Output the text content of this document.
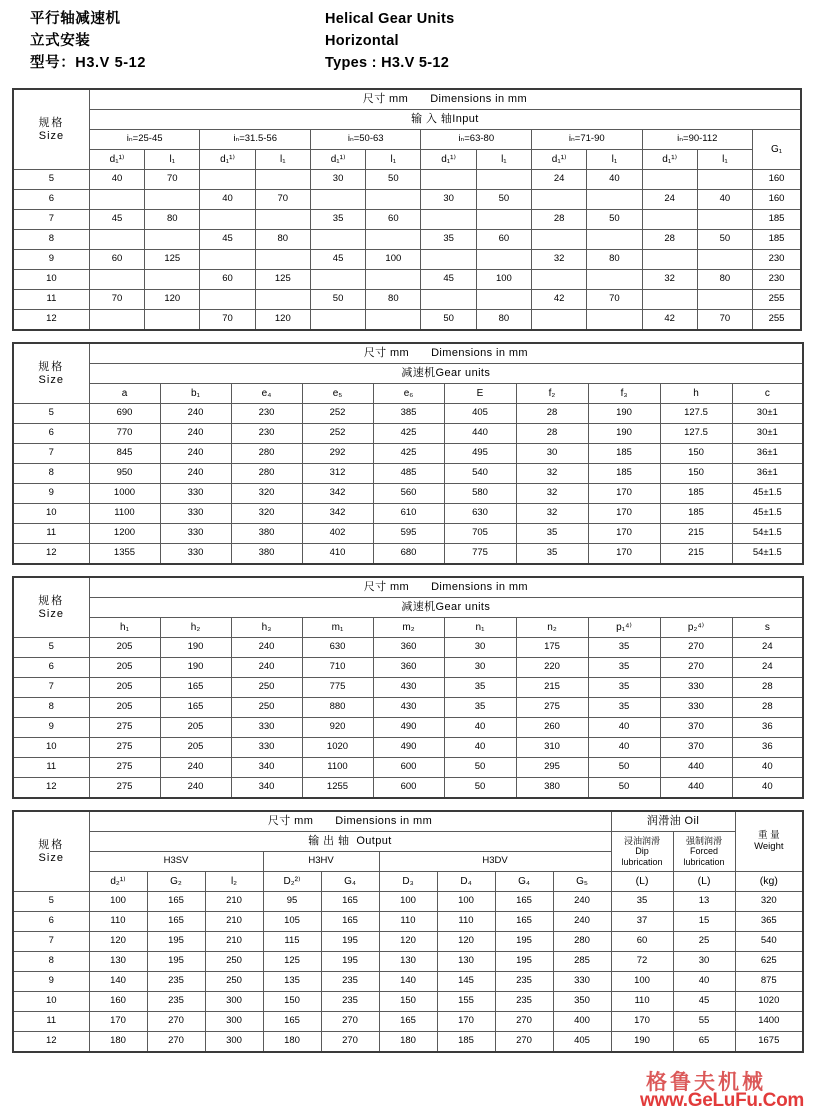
平行轴减速机
立式安装
型号：H3.V 5-12
Helical Gear Units
Horizontal
Types : H3.V 5-12
规格
Size	尺寸 mm Dimensions in mm												
	输 入 轴Input												
	iₙ=25-45		iₙ=31.5-56		iₙ=50-63		iₙ=63-80		iₙ=71-90		iₙ=90-112		G₁
	d₁¹⁾	l₁	d₁¹⁾	l₁	d₁¹⁾	l₁	d₁¹⁾	l₁	d₁¹⁾	l₁	d₁¹⁾	l₁	
5	40	70			30	50			24	40			160
6			40	70			30	50			24	40	160
7	45	80			35	60			28	50			185
8			45	80			35	60			28	50	185
9	60	125			45	100			32	80			230
10			60	125			45	100			32	80	230
11	70	120			50	80			42	70			255
12			70	120			50	80			42	70	255
规格
Size	尺寸 mm Dimensions in mm									
	减速机Gear units									
	a	b₁	e₄	e₅	e₆	E	f₂	f₃	h	c
5	690	240	230	252	385	405	28	190	127.5	30±1
6	770	240	230	252	425	440	28	190	127.5	30±1
7	845	240	280	292	425	495	30	185	150	36±1
8	950	240	280	312	485	540	32	185	150	36±1
9	1000	330	320	342	560	580	32	170	185	45±1.5
10	1100	330	320	342	610	630	32	170	185	45±1.5
11	1200	330	380	402	595	705	35	170	215	54±1.5
12	1355	330	380	410	680	775	35	170	215	54±1.5
规格
Size	尺寸 mm Dimensions in mm									
	减速机Gear units									
	h₁	h₂	h₃	m₁	m₂	n₁	n₂	p₁⁴⁾	p₂⁴⁾	s
5	205	190	240	630	360	30	175	35	270	24
6	205	190	240	710	360	30	220	35	270	24
7	205	165	250	775	430	35	215	35	330	28
8	205	165	250	880	430	35	275	35	330	28
9	275	205	330	920	490	40	260	40	370	36
10	275	205	330	1020	490	40	310	40	370	36
11	275	240	340	1100	600	50	295	50	440	40
12	275	240	340	1255	600	50	380	50	440	40
规格
Size
	尺寸 mm Dimensions in mm	润滑油 Oil	
重 量
Weight

输 出 轴 Output	浸油润滑
Dip
lubrication

强制润滑
Forced
lubrication

	H3SV			H3HV		H3DV						
	d₂¹⁾	G₂	l₂	D₂²⁾	G₄	D₃	D₄	G₄	G₅	(L)	(L)	(kg)
5	100	165	210	95	165	100	100	165	240	35	13	320
6	110	165	210	105	165	110	110	165	240	37	15	365
7	120	195	210	115	195	120	120	195	280	60	25	540
8	130	195	250	125	195	130	130	195	285	72	30	625
9	140	235	250	135	235	140	145	235	330	100	40	875
10	160	235	300	150	235	150	155	235	350	110	45	1020
11	170	270	300	165	270	165	170	270	400	170	55	1400
12	180	270	300	180	270	180	185	270	405	190	65	1675
格鲁夫机械
www.GeLuFu.Com
